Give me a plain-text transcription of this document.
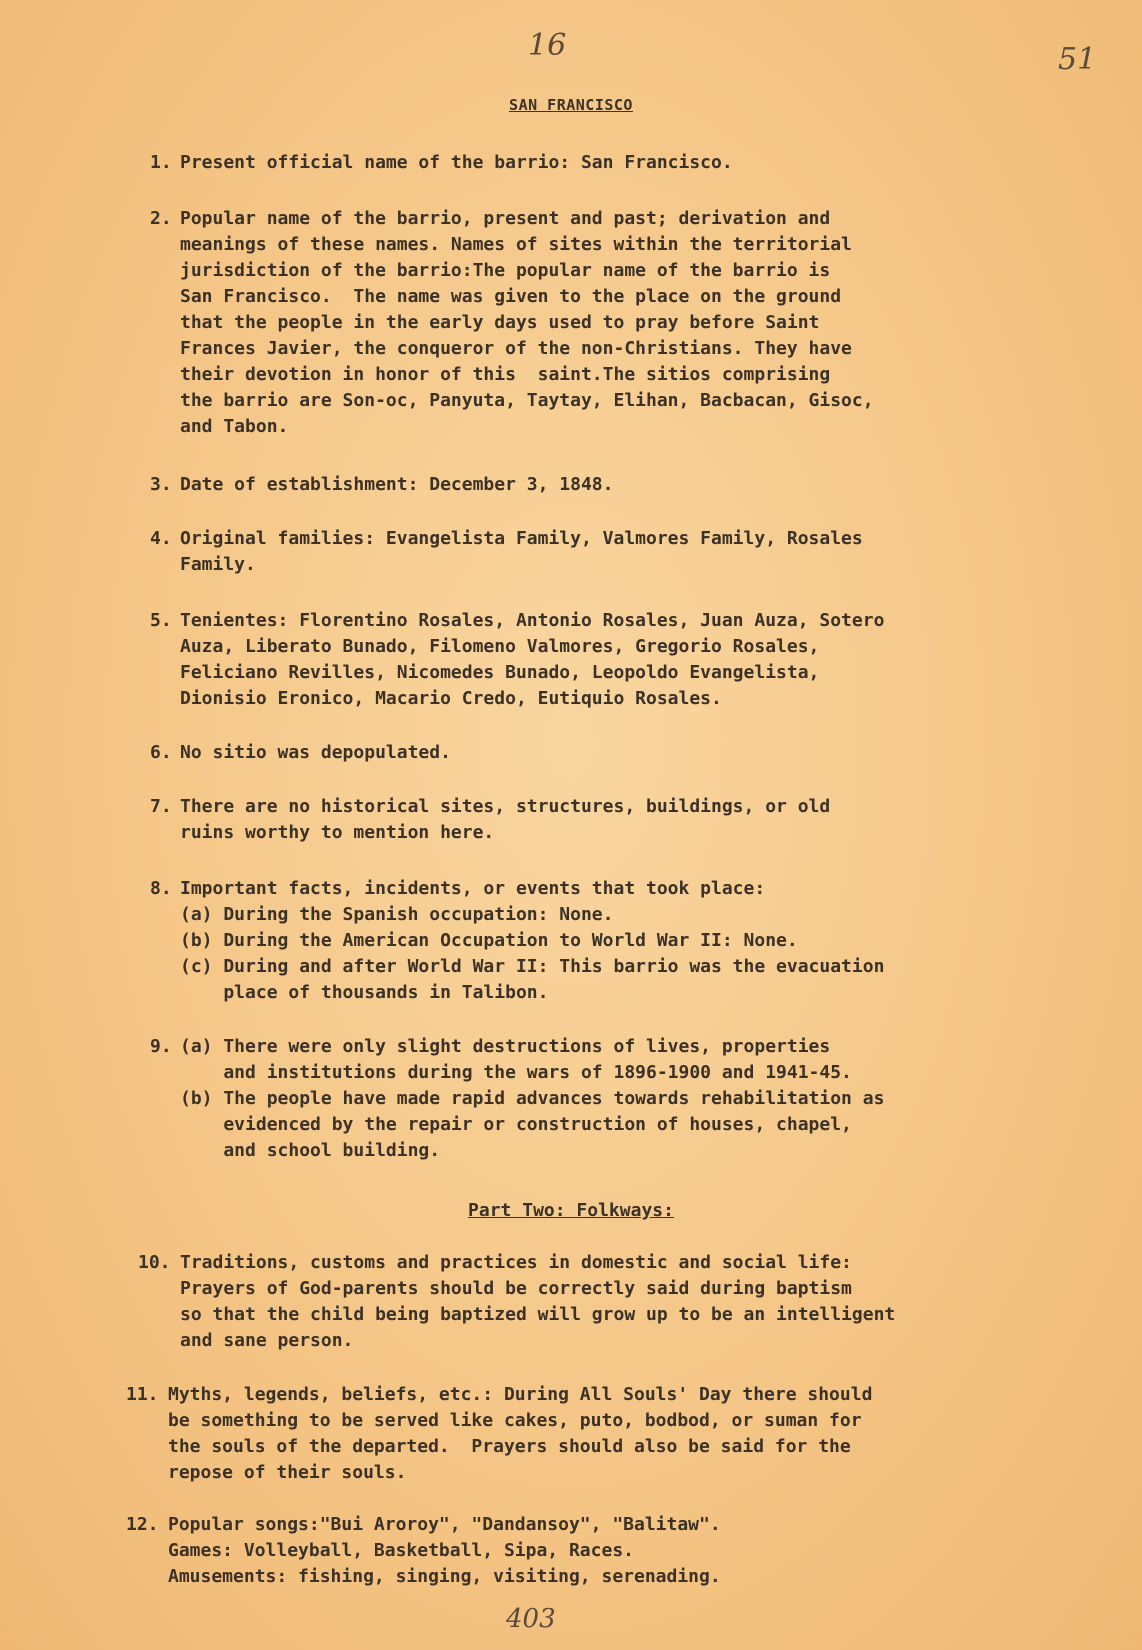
16	51
SAN FRANCISCO
1. Present official name of the barrio: San Francisco.

2. Popular name of the barrio, present and past; derivation and

meanings of these names. Names of sites within the territorial

jurisdiction of the barrio:The popular name of the barrio is

San Francisco.  The name was given to the place on the ground

that the people in the early days used to pray before Saint

Frances Javier, the conqueror of the non-Christians. They have

their devotion in honor of this  saint.The sitios comprising

the barrio are Son-oc, Panyuta, Taytay, Elihan, Bacbacan, Gisoc,

and Tabon.

3. Date of establishment: December 3, 1848.

4. Original families: Evangelista Family, Valmores Family, Rosales

Family.

5. Tenientes: Florentino Rosales, Antonio Rosales, Juan Auza, Sotero

Auza, Liberato Bunado, Filomeno Valmores, Gregorio Rosales,

Feliciano Revilles, Nicomedes Bunado, Leopoldo Evangelista,

Dionisio Eronico, Macario Credo, Eutiquio Rosales.

6. No sitio was depopulated.

7. There are no historical sites, structures, buildings, or old

ruins worthy to mention here.

8. Important facts, incidents, or events that took place:

(a) During the Spanish occupation: None.

(b) During the American Occupation to World War II: None.

(c) During and after World War II: This barrio was the evacuation

place of thousands in Talibon.

9. (a) There were only slight destructions of lives, properties

and institutions during the wars of 1896-1900 and 1941-45.

(b) The people have made rapid advances towards rehabilitation as

evidenced by the repair or construction of houses, chapel,

and school building.

Part Two: Folkways:
10. Traditions, customs and practices in domestic and social life:

Prayers of God-parents should be correctly said during baptism

so that the child being baptized will grow up to be an intelligent

and sane person.

11. Myths, legends, beliefs, etc.: During All Souls' Day there should

be something to be served like cakes, puto, bodbod, or suman for

the souls of the departed.  Prayers should also be said for the

repose of their souls.

12. Popular songs:"Bui Aroroy", "Dandansoy", "Balitaw".

Games: Volleyball, Basketball, Sipa, Races.

Amusements: fishing, singing, visiting, serenading.

403
